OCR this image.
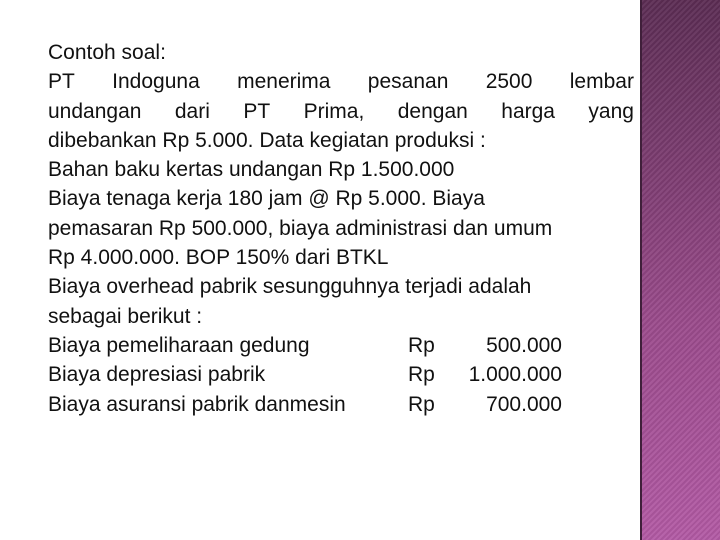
Contoh soal:
PT Indoguna menerima pesanan 2500 lembar
undangan dari PT Prima, dengan harga yang
dibebankan Rp 5.000. Data kegiatan produksi :
Bahan baku kertas undangan Rp 1.500.000
Biaya tenaga kerja 180 jam @ Rp 5.000. Biaya
pemasaran Rp 500.000, biaya administrasi dan umum
Rp 4.000.000. BOP 150% dari BTKL
Biaya overhead pabrik sesungguhnya terjadi adalah
sebagai berikut :
Biaya pemeliharaan gedung	Rp	500.000
Biaya depresiasi pabrik	Rp	1.000.000
Biaya asuransi pabrik danmesin	Rp	700.000
